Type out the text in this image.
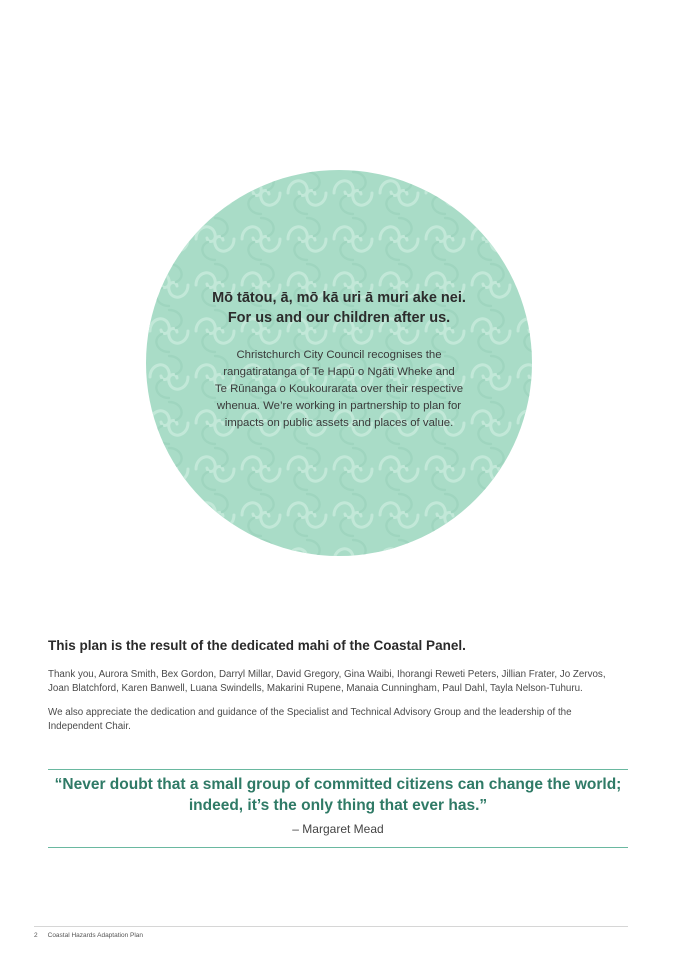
Mō tātou, ā, mō kā uri ā muri ake nei.
For us and our children after us.
Christchurch City Council recognises the
rangatiratanga of Te Hapū o Ngāti Wheke and
Te Rūnanga o Koukourarata over their respective
whenua. We’re working in partnership to plan for
impacts on public assets and places of value.
This plan is the result of the dedicated mahi of the Coastal Panel.
Thank you, Aurora Smith, Bex Gordon, Darryl Millar, David Gregory, Gina Waibi, Ihorangi Reweti Peters, Jillian Frater, Jo Zervos,
Joan Blatchford, Karen Banwell, Luana Swindells, Makarini Rupene, Manaia Cunningham, Paul Dahl, Tayla Nelson-Tuhuru.
We also appreciate the dedication and guidance of the Specialist and Technical Advisory Group and the leadership of the
Independent Chair.
“Never doubt that a small group of committed citizens can change the world;
indeed, it’s the only thing that ever has.”
– Margaret Mead
2 Coastal Hazards Adaptation Plan
